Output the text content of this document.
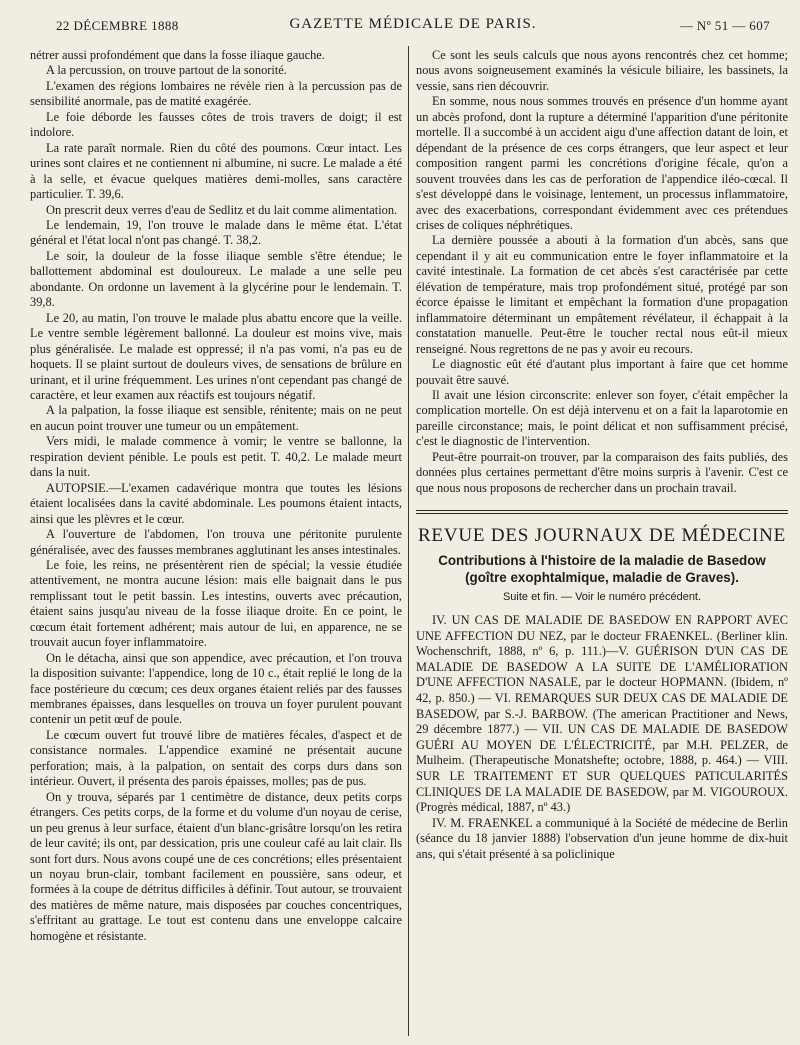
22 DÉCEMBRE 1888	GAZETTE MÉDICALE DE PARIS.	— Nº 51 — 607

nétrer aussi profondément que dans la fosse iliaque gauche.

A la percussion, on trouve partout de la sonorité.

L'examen des régions lombaires ne révèle rien à la percussion pas de sensibilité anormale, pas de matité exagérée.

Le foie déborde les fausses côtes de trois travers de doigt; il est indolore.

La rate paraît normale. Rien du côté des poumons. Cœur intact. Les urines sont claires et ne contiennent ni albumine, ni sucre. Le malade a été à la selle, et évacue quelques matières demi-molles, sans caractère particulier. T. 39,6.

On prescrit deux verres d'eau de Sedlitz et du lait comme alimentation.

Le lendemain, 19, l'on trouve le malade dans le même état. L'état général et l'état local n'ont pas changé. T. 38,2.

Le soir, la douleur de la fosse iliaque semble s'être étendue; le ballottement abdominal est douloureux. Le malade a une selle peu abondante. On ordonne un lavement à la glycérine pour le lendemain. T. 39,8.

Le 20, au matin, l'on trouve le malade plus abattu encore que la veille. Le ventre semble légèrement ballonné. La douleur est moins vive, mais plus généralisée. Le malade est oppressé; il n'a pas vomi, n'a pas eu de hoquets. Il se plaint surtout de douleurs vives, de sensations de brûlure en urinant, et il urine fréquemment. Les urines n'ont cependant pas changé de caractère, et leur examen aux réactifs est toujours négatif.

A la palpation, la fosse iliaque est sensible, rénitente; mais on ne peut en aucun point trouver une tumeur ou un empâtement.

Vers midi, le malade commence à vomir; le ventre se ballonne, la respiration devient pénible. Le pouls est petit. T. 40,2. Le malade meurt dans la nuit.

AUTOPSIE.—L'examen cadavérique montra que toutes les lésions étaient localisées dans la cavité abdominale. Les poumons étaient intacts, ainsi que les plèvres et le cœur.

A l'ouverture de l'abdomen, l'on trouva une péritonite purulente généralisée, avec des fausses membranes agglutinant les anses intestinales.

Le foie, les reins, ne présentèrent rien de spécial; la vessie étudiée attentivement, ne montra aucune lésion: mais elle baignait dans le pus remplissant tout le petit bassin. Les intestins, ouverts avec précaution, étaient sains jusqu'au niveau de la fosse iliaque droite. En ce point, le cœcum était fortement adhérent; mais autour de lui, en apparence, ne se trouvait aucun foyer inflammatoire.

On le détacha, ainsi que son appendice, avec précaution, et l'on trouva la disposition suivante: l'appendice, long de 10 c., était replié le long de la face postérieure du cœcum; ces deux organes étaient reliés par des fausses membranes épaisses, dans lesquelles on trouva un foyer purulent pouvant contenir un petit œuf de poule.

Le cœcum ouvert fut trouvé libre de matières fécales, d'aspect et de consistance normales. L'appendice examiné ne présentait aucune perforation; mais, à la palpation, on sentait des corps durs dans son intérieur. Ouvert, il présenta des parois épaisses, molles; pas de pus.

On y trouva, séparés par 1 centimètre de distance, deux petits corps étrangers. Ces petits corps, de la forme et du volume d'un noyau de cerise, un peu grenus à leur surface, étaient d'un blanc-grisâtre lorsqu'on les retira de leur cavité; ils ont, par dessication, pris une couleur café au lait clair. Ils sont fort durs. Nous avons coupé une de ces concrétions; elles présentaient un noyau brun-clair, tombant facilement en poussière, sans odeur, et formées à la coupe de détritus difficiles à définir. Tout autour, se trouvaient des matières de même nature, mais disposées par couches concentriques, s'effritant au grattage. Le tout est contenu dans une enveloppe calcaire homogène et résistante.

Ce sont les seuls calculs que nous ayons rencontrés chez cet homme; nous avons soigneusement examinés la vésicule biliaire, les bassinets, la vessie, sans rien découvrir.

En somme, nous nous sommes trouvés en présence d'un homme ayant un abcès profond, dont la rupture a déterminé l'apparition d'une péritonite mortelle. Il a succombé à un accident aigu d'une affection datant de loin, et dépendant de la présence de ces corps étrangers, que leur aspect et leur composition rangent parmi les concrétions d'origine fécale, qu'on a souvent trouvées dans les cas de perforation de l'appendice iléo-cœcal. Il s'est développé dans le voisinage, lentement, un processus inflammatoire, avec des exacerbations, correspondant évidemment avec ces prétendues crises de coliques néphrétiques.

La dernière poussée a abouti à la formation d'un abcès, sans que cependant il y ait eu communication entre le foyer inflammatoire et la cavité intestinale. La formation de cet abcès s'est caractérisée par cette élévation de température, mais trop profondément situé, protégé par son écorce épaisse le limitant et empêchant la formation d'une propagation inflammatoire déterminant un empâtement révélateur, il échappait à la constatation manuelle. Peut-être le toucher rectal nous eût-il mieux renseigné. Nous regrettons de ne pas y avoir eu recours.

Le diagnostic eût été d'autant plus important à faire que cet homme pouvait être sauvé.

Il avait une lésion circonscrite: enlever son foyer, c'était empêcher la complication mortelle. On est déjà intervenu et on a fait la laparotomie en pareille circonstance; mais, le point délicat et non suffisamment précisé, c'est le diagnostic de l'intervention.

Peut-être pourrait-on trouver, par la comparaison des faits publiés, des données plus certaines permettant d'être moins surpris à l'avenir. C'est ce que nous nous proposons de rechercher dans un prochain travail.

REVUE DES JOURNAUX DE MÉDECINE
Contributions à l'histoire de la maladie de Basedow (goître exophtalmique, maladie de Graves).
Suite et fin. — Voir le numéro précédent.

IV. UN CAS DE MALADIE DE BASEDOW EN RAPPORT AVEC UNE AFFECTION DU NEZ, par le docteur FRAENKEL. (Berliner klin. Wochenschrift, 1888, nº 6, p. 111.)—V. GUÉRISON D'UN CAS DE MALADIE DE BASEDOW A LA SUITE DE L'AMÉLIORATION D'UNE AFFECTION NASALE, par le docteur HOPMANN. (Ibidem, nº 42, p. 850.) — VI. REMARQUES SUR DEUX CAS DE MALADIE DE BASEDOW, par S.-J. BARBOW. (The american Practitioner and News, 29 décembre 1877.) — VII. UN CAS DE MALADIE DE BASEDOW GUÉRI AU MOYEN DE L'ÉLECTRICITÉ, par M.H. PELZER, de Mulheim. (Therapeutische Monatshefte; octobre, 1888, p. 464.) — VIII. SUR LE TRAITEMENT ET SUR QUELQUES PATICULARITÉS CLINIQUES DE LA MALADIE DE BASEDOW, par M. VIGOUROUX. (Progrès médical, 1887, nº 43.)

IV. M. FRAENKEL a communiqué à la Société de médecine de Berlin (séance du 18 janvier 1888) l'observation d'un jeune homme de dix-huit ans, qui s'était présenté à sa policlinique
